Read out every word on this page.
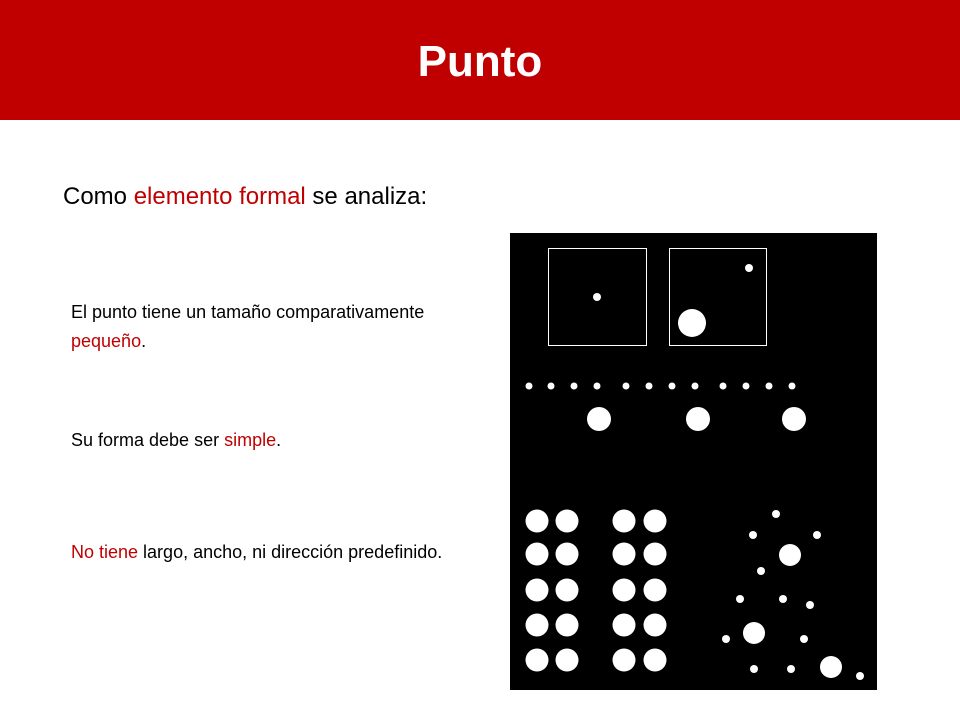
Punto

Como elemento formal se analiza:

El punto tiene un tamaño comparativamente pequeño.

Su forma debe ser simple.

No tiene largo, ancho, ni dirección predefinido.
